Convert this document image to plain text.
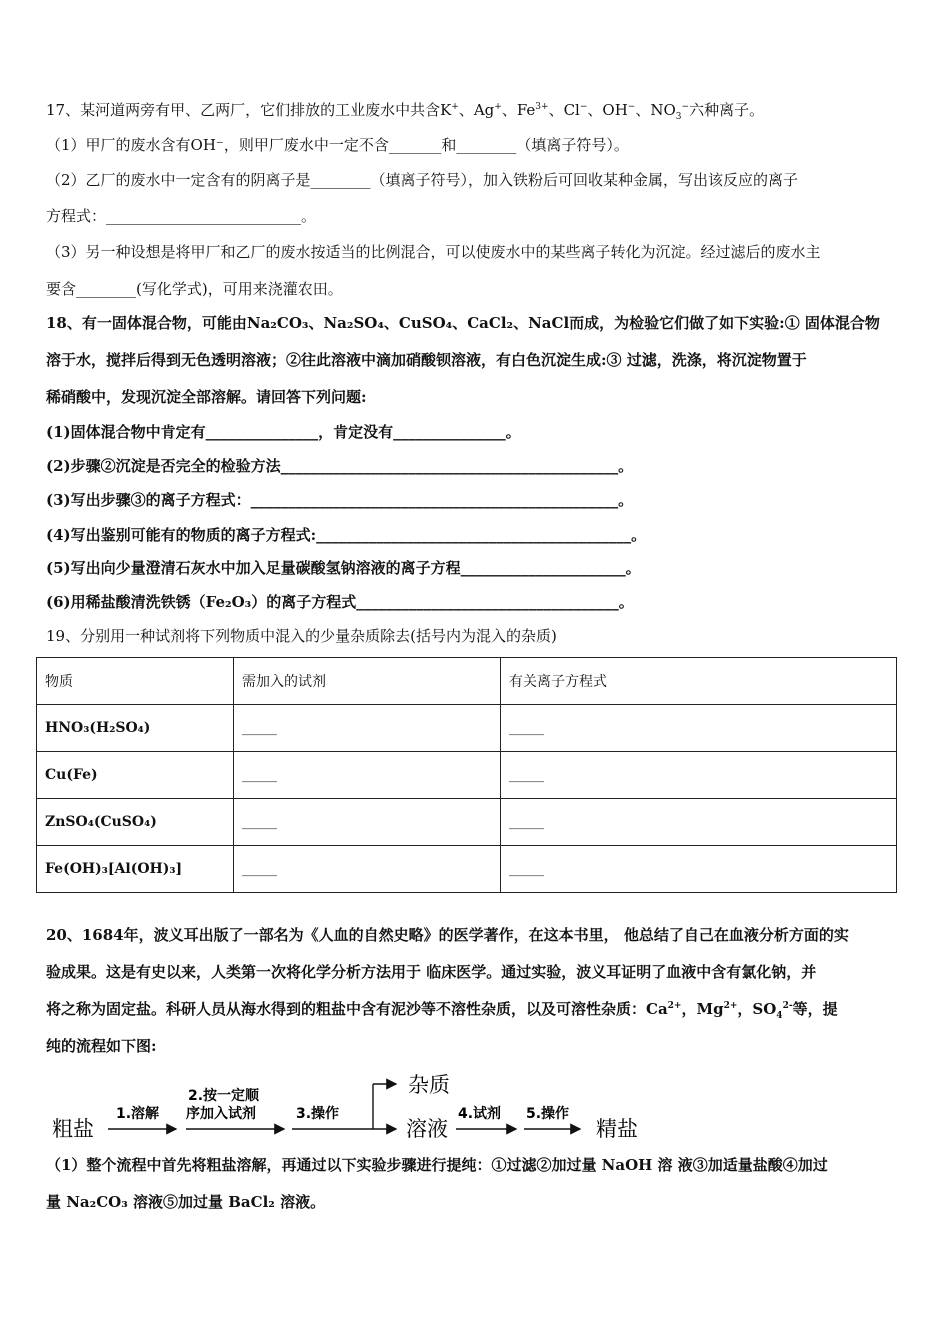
17、某河道两旁有甲、乙两厂，它们排放的工业废水中共含K+、Ag+、$Fe^{3+}$、Cl−、OH−、$NO_3^-$六种离子。
（1）甲厂的废水含有OH⁻，则甲厂废水中一定不含_______和________（填离子符号）。
（2）乙厂的废水中一定含有的阴离子是________（填离子符号），加入铁粉后可回收某种金属，写出该反应的离子
方程式：__________________________。
（3）另一种设想是将甲厂和乙厂的废水按适当的比例混合，可以使废水中的某些离子转化为沉淀。经过滤后的废水主
要含________(写化学式)，可用来浇灌农田。
18、有一固体混合物，可能由Na₂CO₃、Na₂SO₄、CuSO₄、CaCl₂、NaCl而成，为检验它们做了如下实验:① 固体混合物
溶于水，搅拌后得到无色透明溶液；②往此溶液中滴加硝酸钡溶液，有白色沉淀生成:③ 过滤，洗涤，将沉淀物置于
稀硝酸中，发现沉淀全部溶解。请回答下列问题:
(1)固体混合物中肯定有_______________，肯定没有_______________。
(2)步骤②沉淀是否完全的检验方法_____________________________________________。
(3)写出步骤③的离子方程式：_________________________________________________。
(4)写出鉴别可能有的物质的离子方程式:__________________________________________。
(5)写出向少量澄清石灰水中加入足量碳酸氢钠溶液的离子方程______________________。
(6)用稀盐酸清洗铁锈（Fe₂O₃）的离子方程式___________________________________。
19、分别用一种试剂将下列物质中混入的少量杂质除去(括号内为混入的杂质)
物质	需加入的试剂	有关离子方程式
HNO₃(H₂SO₄)	_____	_____
Cu(Fe)	_____	_____
ZnSO₄(CuSO₄)	_____	_____
Fe(OH)₃[Al(OH)₃]	_____	_____
20、1684年，波义耳出版了一部名为《人血的自然史略》的医学著作，在这本书里， 他总结了自己在血液分析方面的实
验成果。这是有史以来，人类第一次将化学分析方法用于 临床医学。通过实验，波义耳证明了血液中含有氯化钠，并
将之称为固定盐。科研人员从海水得到的粗盐中含有泥沙等不溶性杂质，以及可溶性杂质：$Ca^{2+}$，$Mg^{2+}$，$SO_4^{2-}$等，提
纯的流程如下图:
粗盐
1.溶解
2.按一定顺
序加入试剂	3.操作
杂质
溶液
4.试剂 5.操作
精盐
（1）整个流程中首先将粗盐溶解，再通过以下实验步骤进行提纯：①过滤②加过量 NaOH 溶 液③加适量盐酸④加过
量 Na₂CO₃ 溶液⑤加过量 BaCl₂ 溶液。
